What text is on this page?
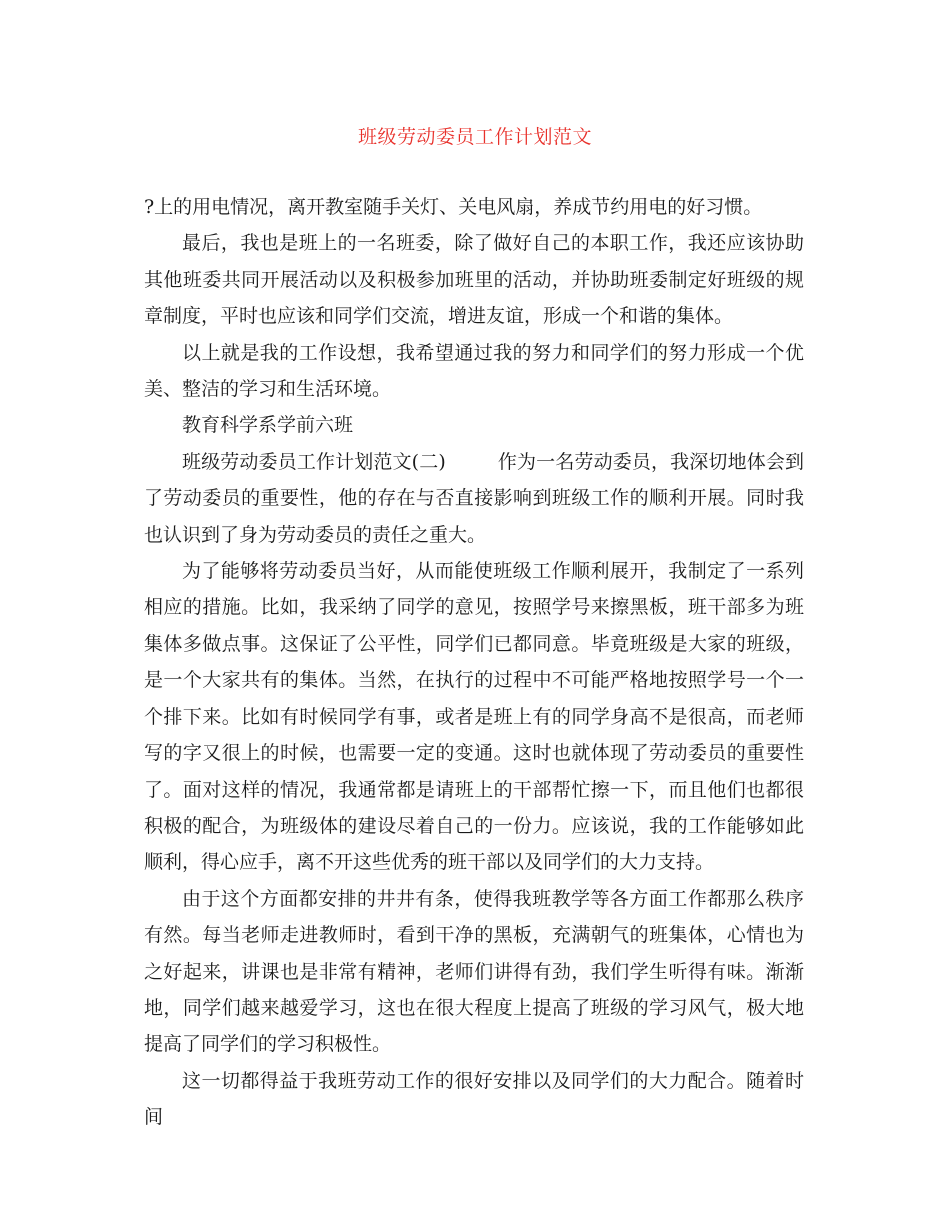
班级劳动委员工作计划范文

?上的用电情况，离开教室随手关灯、关电风扇，养成节约用电的好习惯。

最后，我也是班上的一名班委，除了做好自己的本职工作，我还应该协助其他班委共同开展活动以及积极参加班里的活动，并协助班委制定好班级的规章制度，平时也应该和同学们交流，增进友谊，形成一个和谐的集体。

以上就是我的工作设想，我希望通过我的努力和同学们的努力形成一个优美、整洁的学习和生活环境。

教育科学系学前六班

班级劳动委员工作计划范文(二)	作为一名劳动委员，我深切地体会到了劳动委员的重要性，他的存在与否直接影响到班级工作的顺利开展。同时我也认识到了身为劳动委员的责任之重大。

为了能够将劳动委员当好，从而能使班级工作顺利展开，我制定了一系列相应的措施。比如，我采纳了同学的意见，按照学号来擦黑板，班干部多为班集体多做点事。这保证了公平性，同学们已都同意。毕竟班级是大家的班级，是一个大家共有的集体。当然，在执行的过程中不可能严格地按照学号一个一个排下来。比如有时候同学有事，或者是班上有的同学身高不是很高，而老师写的字又很上的时候，也需要一定的变通。这时也就体现了劳动委员的重要性了。面对这样的情况，我通常都是请班上的干部帮忙擦一下，而且他们也都很积极的配合，为班级体的建设尽着自己的一份力。应该说，我的工作能够如此顺利，得心应手，离不开这些优秀的班干部以及同学们的大力支持。

由于这个方面都安排的井井有条，使得我班教学等各方面工作都那么秩序有然。每当老师走进教师时，看到干净的黑板，充满朝气的班集体，心情也为之好起来，讲课也是非常有精神，老师们讲得有劲，我们学生听得有味。渐渐地，同学们越来越爱学习，这也在很大程度上提高了班级的学习风气，极大地提高了同学们的学习积极性。

这一切都得益于我班劳动工作的很好安排以及同学们的大力配合。随着时间
